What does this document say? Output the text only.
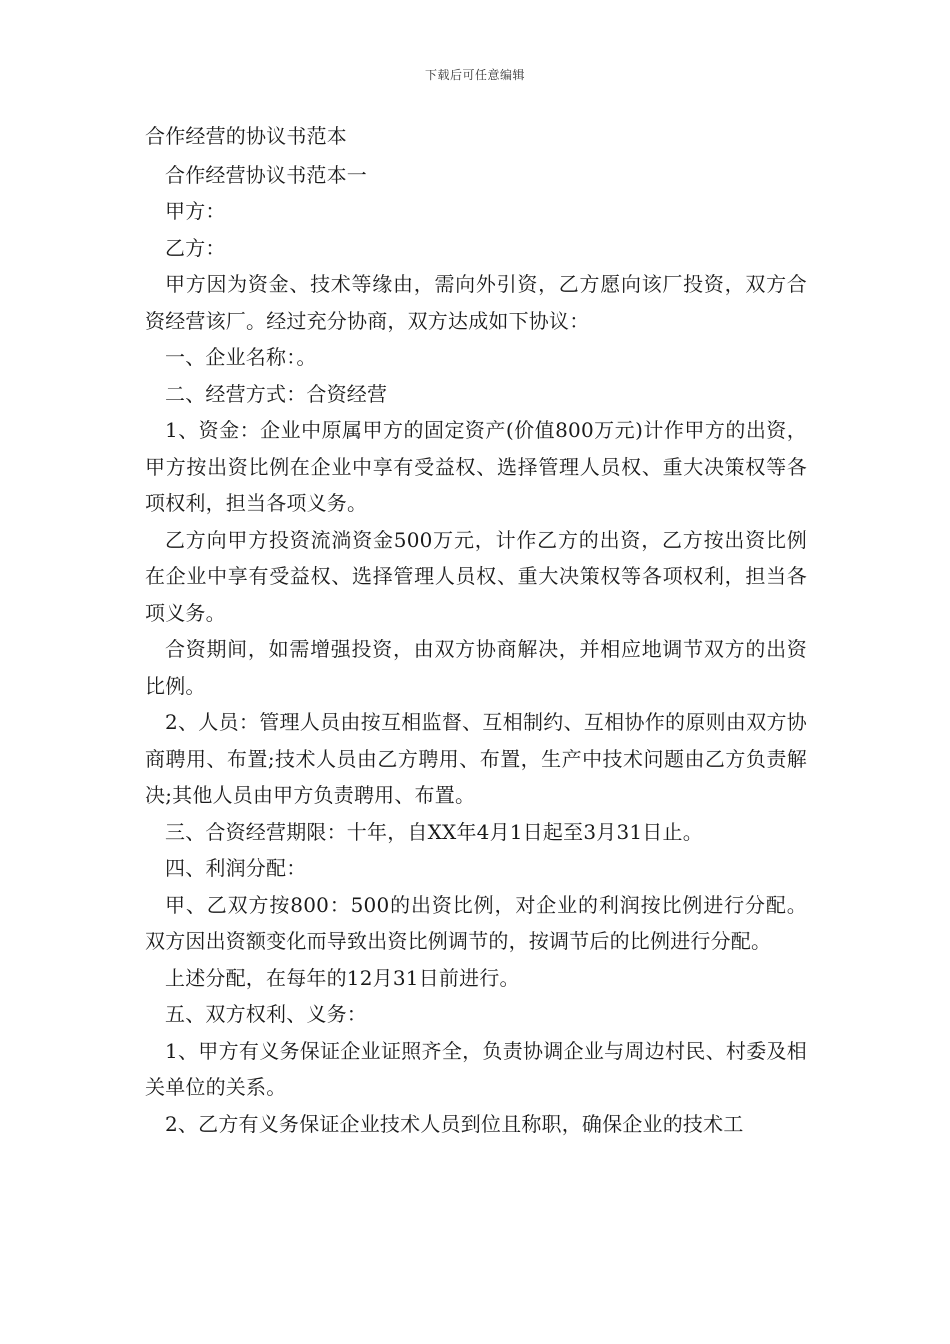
下载后可任意编辑

合作经营的协议书范本

合作经营协议书范本一

甲方：

乙方：

甲方因为资金、技术等缘由，需向外引资，乙方愿向该厂投资，双方合资经营该厂。经过充分协商，双方达成如下协议：

一、企业名称：。

二、经营方式：合资经营

1、资金：企业中原属甲方的固定资产(价值800万元)计作甲方的出资，甲方按出资比例在企业中享有受益权、选择管理人员权、重大决策权等各项权利，担当各项义务。

乙方向甲方投资流淌资金500万元，计作乙方的出资，乙方按出资比例在企业中享有受益权、选择管理人员权、重大决策权等各项权利，担当各项义务。

合资期间，如需增强投资，由双方协商解决，并相应地调节双方的出资比例。

2、人员：管理人员由按互相监督、互相制约、互相协作的原则由双方协商聘用、布置;技术人员由乙方聘用、布置，生产中技术问题由乙方负责解决;其他人员由甲方负责聘用、布置。

三、合资经营期限：十年，自XX年4月1日起至3月31日止。

四、利润分配：

甲、乙双方按800：500的出资比例，对企业的利润按比例进行分配。双方因出资额变化而导致出资比例调节的，按调节后的比例进行分配。

上述分配，在每年的12月31日前进行。

五、双方权利、义务：

1、甲方有义务保证企业证照齐全，负责协调企业与周边村民、村委及相关单位的关系。

2、乙方有义务保证企业技术人员到位且称职，确保企业的技术工
